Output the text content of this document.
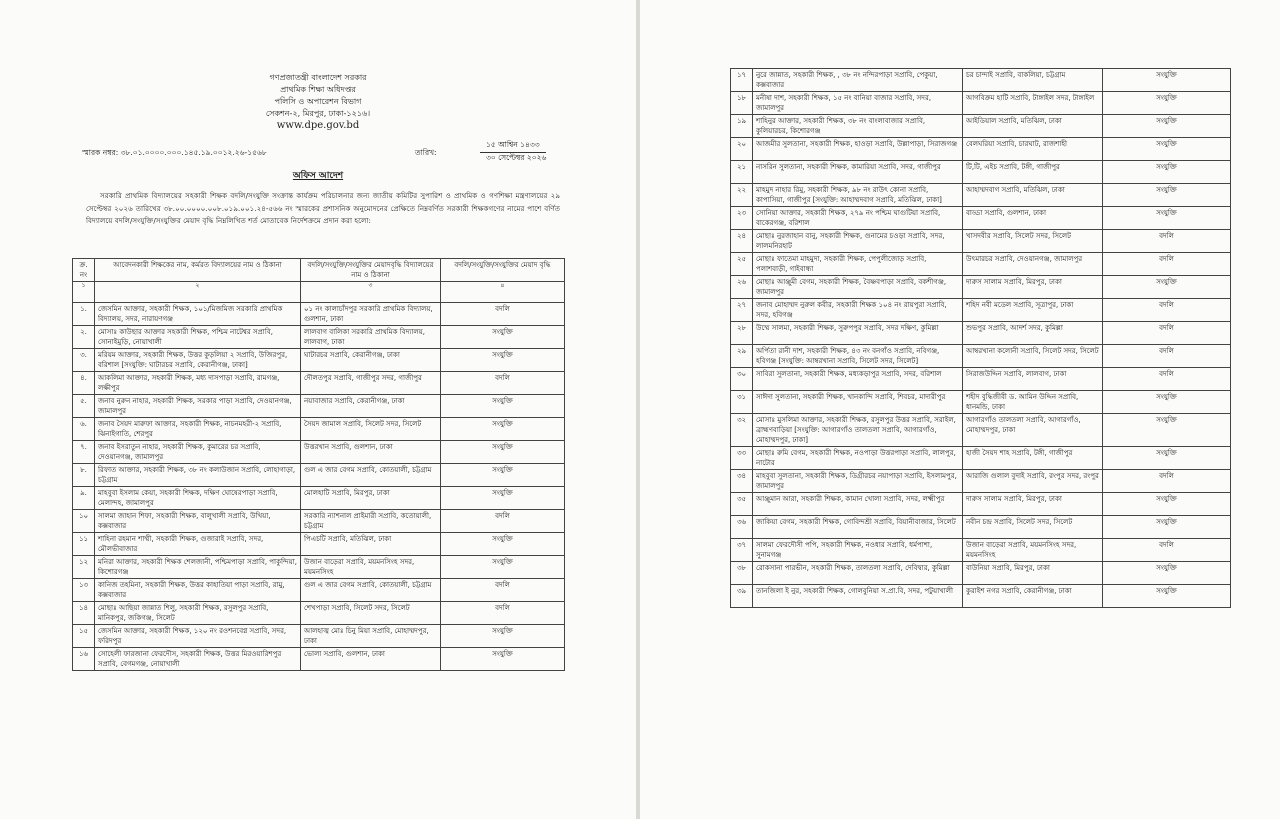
গণপ্রজাতন্ত্রী বাংলাদেশ সরকার
প্রাথমিক শিক্ষা অধিদপ্তর
পলিসি ও অপারেশন বিভাগ
সেকশন-২, মিরপুর, ঢাকা-১২১৬।
www.dpe.gov.bd
স্মারক নম্বর: ৩৮.০১.০০০০.০০০.১৪৫.১৯.০০১২.২৬-১৫৬৮	তারিখ:
১৫ আশ্বিন ১৪৩৩
৩০ সেপ্টেম্বর ২০২৬
অফিস আদেশ
সরকারি প্রাথমিক বিদ্যালয়ের সহকারী শিক্ষক বদলি/সংযুক্তি সংক্রান্ত কার্যক্রম পরিচালনার জন্য জাতীয় কমিটির সুপারিশ ও প্রাথমিক ও গণশিক্ষা মন্ত্রণালয়ের ২৯ সেপ্টেম্বর ২০২৬ তারিখের ৩৮.০০.০০০০.০০৮.০১৯.০০১.২৪-৫৬৬ নং স্মারকের প্রশাসনিক অনুমোদনের প্রেক্ষিতে নিম্নবর্ণিত সরকারী শিক্ষকগণের নামের পাশে বর্ণিত বিদ্যালয়ে বদলি/সংযুক্তি/সংযুক্তির মেয়াদ বৃদ্ধি নিম্নলিখিত শর্ত মোতাবেক নির্দেশক্রমে প্রদান করা হলো:
ক্র. নং	আবেদনকারী শিক্ষকের নাম, কর্মরত বিদ্যালয়ের নাম ও ঠিকানা	বদলি/সংযুক্তি/সংযুক্তির মেয়াদবৃদ্ধি বিদ্যালয়ের নাম ও ঠিকানা	বদলি/সংযুক্তি/সংযুক্তির মেয়াদ বৃদ্ধি
১	২	৩	৪
১.	জেসমিন আক্তার, সহকারী শিক্ষক, ১০১/মিজমিজ সরকারি প্রাথমিক বিদ্যালয়, সদর, নারায়ণগঞ্জ	০১ নং কালাচাঁদপুর সরকারি প্রাথমিক বিদ্যালয়, গুলশান, ঢাকা	বদলি
২.	মোসাঃ কাউছার আক্তার সহকারী শিক্ষক, পশ্চিম নাটেশ্বর সপ্রাবি, সোনাইমুড়ি, নোয়াখালী	লালবাগ বালিকা সরকারি প্রাথমিক বিদ্যালয়, লালবাগ, ঢাকা	সংযুক্তি
৩.	মরিয়ম আক্তার, সহকারী শিক্ষক, উত্তর কুড়লিয়া ২ সপ্রাবি, উজিরপুর, বরিশাল [সংযুক্তি: ঘাটারচর সপ্রাবি, কেরানীগঞ্জ, ঢাকা]	ঘাটারচর সপ্রাবি, কেরানীগঞ্জ, ঢাকা	সংযুক্তি
৪.	আকলিমা আক্তার, সহকারী শিক্ষক, মধ্য দাসপাড়া সপ্রাবি, রামগঞ্জ, লক্ষীপুর	দৌলতপুর সপ্রাবি, গাজীপুর সদর, গাজীপুর	বদলি
৫.	জনাব নুরুন নাহার, সহকারী শিক্ষক, সরকার পাড়া সপ্রাবি, দেওয়ানগঞ্জ, জামালপুর	নয়াবাজার সপ্রাবি, কেরানীগঞ্জ, ঢাকা	সংযুক্তি
৬.	জনাব সৈয়দ মারুফা আক্তার, সহকারী শিক্ষক, নাচনমহরী-২ সপ্রাবি, ঝিনাইগাতি, শেরপুর	সৈয়দ জামাল সপ্রাবি, সিলেট সদর, সিলেট	সংযুক্তি
৭.	জনাব ইসরাতুন নাহার, সহকারী শিক্ষক, কুমারের চর সপ্রাবি, দেওয়ানগঞ্জ, জামালপুর	উত্তরখান সপ্রাবি, গুলশান, ঢাকা	সংযুক্তি
৮.	রিফাত আক্তার, সহকারী শিক্ষক, ৩৮ নং কলাউজান সপ্রাবি, লোহাগাড়া, চট্টগ্রাম	গুল এ জার বেগম সপ্রাবি, কোতয়ালী, চট্টগ্রাম	সংযুক্তি
৯.	মাহবুবা ইসলাম কেয়া, সহকারী শিক্ষক, দক্ষিণ ঘোষেরপাড়া সপ্রাবি, মেলান্দহ, জামালপুর	মোলহাটি সপ্রাবি, মিরপুর, ঢাকা	সংযুক্তি
১০	সালমা জাহান শিফা, সহকারী শিক্ষক, বালুখালী সপ্রাবি, উখিয়া, কক্সবাজার	সরকারি ন্যাশনাল প্রাইমারী সপ্রাবি, কতোয়ালী, চট্টগ্রাম	বদলি
১১	শাহিনা রহমান শাম্মী, সহকারী শিক্ষক, গুজারাই সপ্রাবি, সদর, মৌলভীবাজার	পিএচটি সপ্রাবি, মতিঝিল, ঢাকা	সংযুক্তি
১২	মনিরা আক্তার, সহকারী শিক্ষক শেলজানী, পশ্চিমপাড়া সপ্রাবি, পাকুন্দিয়া, কিশোরগঞ্জ	উজান বাড়েরা সপ্রাবি, ময়মনসিংহ সদর, ময়মনসিংহ	সংযুক্তি
১৩	কানিজ তহমিনা, সহকারী শিক্ষক, উত্তর কাহাতিয়া পাড়া সপ্রাবি, রামু, কক্সবাজার	গুল এ জার বেগম সপ্রাবি, কোতয়ালী, চট্টগ্রাম	বদলি
১৪	মোছাঃ আছিয়া জান্নাত শিলু, সহকারী শিক্ষক, রসুলপুর সপ্রাবি, মানিকপুর, জকিগঞ্জ, সিলেট	শেখপাড়া সপ্রাবি, সিলেট সদর, সিলেট	বদলি
১৫	জেসমিন আক্তার, সহকারী শিক্ষক, ১২০ নং রওশনবেগ্ন সপ্রাবি, সদর, ফরিদপুর	আলহাজ্ব মোঃ চিনু মিয়া সপ্রাবি, মোহাম্মদপুর, ঢাকা	সংযুক্তি
১৬	সোহেলী ফারজানা ফেরদৌস, সহকারী শিক্ষক, উত্তর মিরওয়ারিশপুর সপ্রাবি, বেগমগঞ্জ, নোয়াখালী	ভোলা সপ্রাবি, গুলশান, ঢাকা	সংযুক্তি
১৭	নুরে জান্নাত, সহকারী শিক্ষক, , ৩৮ নং নন্দিরপাড়া সপ্রাবি, পেকুয়া, কক্সবাজার	চর চান্দাই সপ্রাবি, বাকলিয়া, চট্টগ্রাম	সংযুক্তি
১৮	মনীষা দাশ, সহকারী শিক্ষক, ১৫ নং বানিয়া বাজার সপ্রাবি, সদর, জামালপুর	আগবিক্রম হাটি সপ্রাবি, টাঙ্গাইল সদর, টাঙ্গাইল	সংযুক্তি
১৯	শাহিনুর আক্তার, সহকারী শিক্ষক, ৩৮ নং বাংলাবাজার সপ্রাবি, কুলিয়ারচর, কিশোরগঞ্জ	আইডিয়াল সপ্রাবি, মতিঝিল, ঢাকা	সংযুক্তি
২০	আজমীর সুলতানা, সহকারী শিক্ষক, হাওড়া সপ্রাবি, উল্লাপাড়া, সিরাজগঞ্জ	বেলঘরিয়া সপ্রাবি, চারঘাট, রাজশাহী	সংযুক্তি
২১	নাসরিন সুলতানা, সহকারী শিক্ষক, কামারিয়া সপ্রাবি, সদর, গাজীপুর	টি,টি, এইচ সপ্রাবি, টঙ্গী, গাজীপুর	সংযুক্তি
২২	মাহমুদ নাহার রিমু, সহকারী শিক্ষক, ৯৮ নং রাউৎ কোনা সপ্রাবি, কাপাসিয়া, গাজীপুর [সংযুক্তি: আহাম্মদবাগ সপ্রাবি, মতিঝিল, ঢাকা]	আহাম্মদবাগ সপ্রাবি, মতিঝিল, ঢাকা	সংযুক্তি
২৩	সোনিয়া আক্তার, সহকারী শিক্ষক, ২৭৯ নং পশ্চিম ঘাগুটিয়া সপ্রাবি, বাকেরগঞ্জ, বরিশাল	বাড্ডা সপ্রাবি, গুলশান, ঢাকা	সংযুক্তি
২৪	মোছাঃ নুরজাহান বানু, সহকারী শিক্ষক, গুনামের চওড়া সপ্রাবি, সদর, লালমনিরহাট	খাসদবীর সপ্রাবি, সিলেট সদর, সিলেট	বদলি
২৫	মোছাঃ ফাতেমা মাহমুদা, সহকারী শিক্ষক, পেপুলীজোড় সপ্রাবি, পলাশবাড়ী, গাইবান্ধা	উৎমারচর সপ্রাবি, দেওয়ানগঞ্জ, জামালপুর	বদলি
২৬	মোছাঃ আঞ্জুমী বেগম, সহকারী শিক্ষক, বৈষ্ণবপাড়া সপ্রাবি, বকশীগঞ্জ, জামালপুর	দারুস সালাম সপ্রাবি, মিরপুর, ঢাকা	সংযুক্তি
২৭	জনাব মোহাম্মদ নুরুল কবীর, সহকারী শিক্ষক ১০৪ নং রায়পুরা সপ্রাবি, সদর, হবিগঞ্জ	শহিদ নবী মডেল সপ্রাবি, সূত্রাপুর, ঢাকা	বদলি
২৮	উম্মে সালমা, সহকারী শিক্ষক, সুরুপপুর সপ্রাবি, সদর দক্ষিণ, কুমিল্লা	শুভপুর সপ্রাবি, আদর্শ সদর, কুমিল্লা	বদলি
২৯	অর্পিতা রানী দাশ, সহকারী শিক্ষক, ৪৩ নং বনগাঁও সপ্রাবি, নবিগঞ্জ, হবিগঞ্জ [সংযুক্তি: আম্বরখানা সপ্রাবি, সিলেট সদর, সিলেট]	আম্বরখানা কলোনী সপ্রাবি, সিলেট সদর, সিলেট	বদলি
৩০	সাবিরা সুলতানা, সহকারী শিক্ষক, মধ্যকড়াপুর সপ্রাবি, সদর, বরিশাল	সিরাজউদ্দিন সপ্রাবি, লালবাগ, ঢাকা	বদলি
৩১	সাঈদা সুলতানা, সহকারী শিক্ষক, খানকান্দি সপ্রাবি, শিবচর, মাদারীপুর	শহীদ বুদ্ধিজীবী ড. আমিন উদ্দিন সপ্রাবি, ধানমন্ডি, ঢাকা	সংযুক্তি
৩২	মোসাঃ মুসলিমা আক্তার, সহকারী শিক্ষক, রসুলপুর উত্তর সপ্রাবি, সরাইল, ব্রাহ্মণবাড়িয়া [সংযুক্তি: আগারগাঁও তালতলা সপ্রাবি, আগারগাঁও, মোহাম্মদপুর, ঢাকা]	আগারগাঁও তালতলা সপ্রাবি, আগারগাঁও, মোহাম্মদপুর, ঢাকা	সংযুক্তি
৩৩	মোছাঃ রুমি বেগম, সহকারী শিক্ষক, নওপাড়া উত্তরপাড়া সপ্রাবি, লালপুর, নাটোর	হাজী সৈয়দ শাহ সপ্রাবি, টঙ্গী, গাজীপুর	সংযুক্তি
৩৪	মাহবুবা সুলতানা, সহকারী শিক্ষক, ডিগ্রীরচর নয়াপাড়া সপ্রাবি, ইসলামপুর, জামালপুর	আরাজি গুলাল বুদাই সপ্রাবি, রংপুর সদর, রংপুর	বদলি
৩৫	আঞ্জুমান আরা, সহকারী শিক্ষক, কামান খোলা সপ্রাবি, সদর, লক্ষ্মীপুর	দারুস সালাম সপ্রাবি, মিরপুর, ঢাকা	সংযুক্তি
৩৬	জাকিয়া বেগম, সহকারী শিক্ষক, গোবিন্দশ্রী সপ্রাবি, বিয়ানীবাজার, সিলেট	নবীন চন্দ্র সপ্রাবি, সিলেট সদর, সিলেট	সংযুক্তি
৩৭	সালমা ফেরদৌসী পপি, সহকারী শিক্ষক, নওধার সপ্রাবি, ধর্মপাশা, সুনামগঞ্জ	উজান বাড়েরা সপ্রাবি, ময়মনসিংহ সদর, ময়মনসিংহ	বদলি
৩৮	রোকসানা পারভীন, সহকারী শিক্ষক, তালতলা সপ্রাবি, দেবিদ্বার, কুমিল্লা	বাউনিয়া সপ্রাবি, মিরপুর, ঢাকা	সংযুক্তি
৩৯	তানজিলা ই নুর, সহকারী শিক্ষক, গোলবুনিয়া স.প্রা.বি, সদর, পটুয়াখালী	কুরাইশ নগর সপ্রাবি, কেরানীগঞ্জ, ঢাকা	সংযুক্তি
